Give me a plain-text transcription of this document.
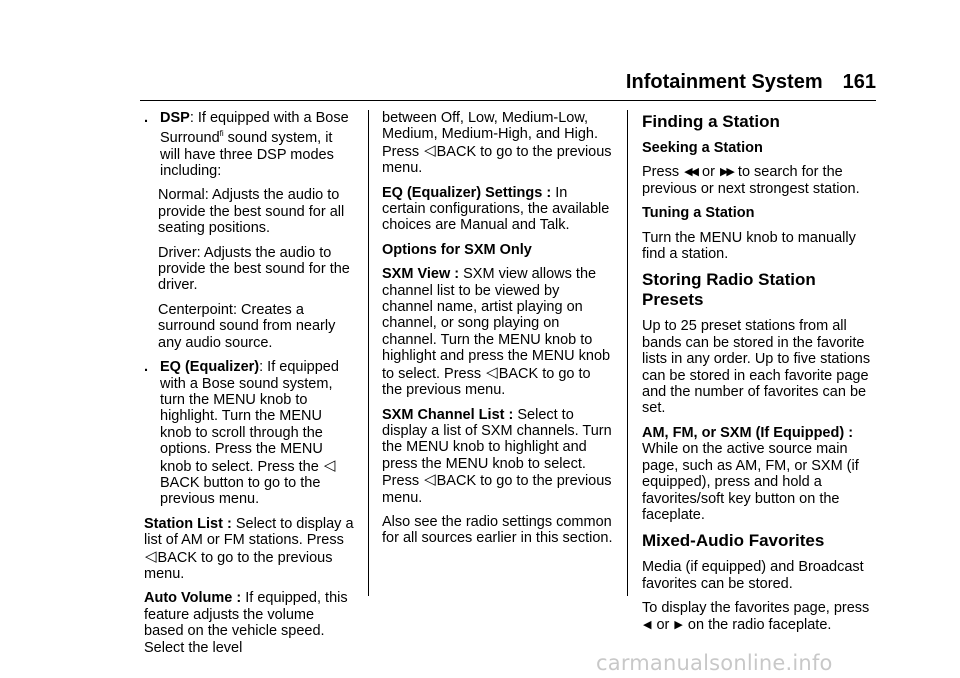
Infotainment System 161
. DSP: If equipped with a Bose Surround$^{fi}$ sound system, it will have three DSP modes including:

Normal: Adjusts the audio to provide the best sound for all seating positions.

Driver: Adjusts the audio to provide the best sound for the driver.

Centerpoint: Creates a surround sound from nearly any audio source.

. EQ (Equalizer): If equipped with a Bose sound system, turn the MENU knob to highlight. Turn the MENU knob to scroll through the options. Press the MENU knob to select. Press the ◁BACK button to go to the previous menu.

Station List : Select to display a list of AM or FM stations. Press ◁BACK to go to the previous menu.

Auto Volume : If equipped, this feature adjusts the volume based on the vehicle speed. Select the level

between Off, Low, Medium-Low, Medium, Medium-High, and High. Press ◁BACK to go to the previous menu.

EQ (Equalizer) Settings : In certain configurations, the available choices are Manual and Talk.

Options for SXM Only

SXM View : SXM view allows the channel list to be viewed by channel name, artist playing on channel, or song playing on channel. Turn the MENU knob to highlight and press the MENU knob to select. Press ◁BACK to go to the previous menu.

SXM Channel List : Select to display a list of SXM channels. Turn the MENU knob to highlight and press the MENU knob to select. Press ◁BACK to go to the previous menu.

Also see the radio settings common for all sources earlier in this section.

Finding a Station
Seeking a Station

Press ◀◀ or ▶▶ to search for the previous or next strongest station.

Tuning a Station

Turn the MENU knob to manually find a station.

Storing Radio Station Presets

Up to 25 preset stations from all bands can be stored in the favorite lists in any order. Up to five stations can be stored in each favorite page and the number of favorites can be set.

AM, FM, or SXM (If Equipped) : While on the active source main page, such as AM, FM, or SXM (if equipped), press and hold a favorites/soft key button on the faceplate.

Mixed-Audio Favorites

Media (if equipped) and Broadcast favorites can be stored.

To display the favorites page, press ◀ or ▶ on the radio faceplate.

carmanualsonline.info
